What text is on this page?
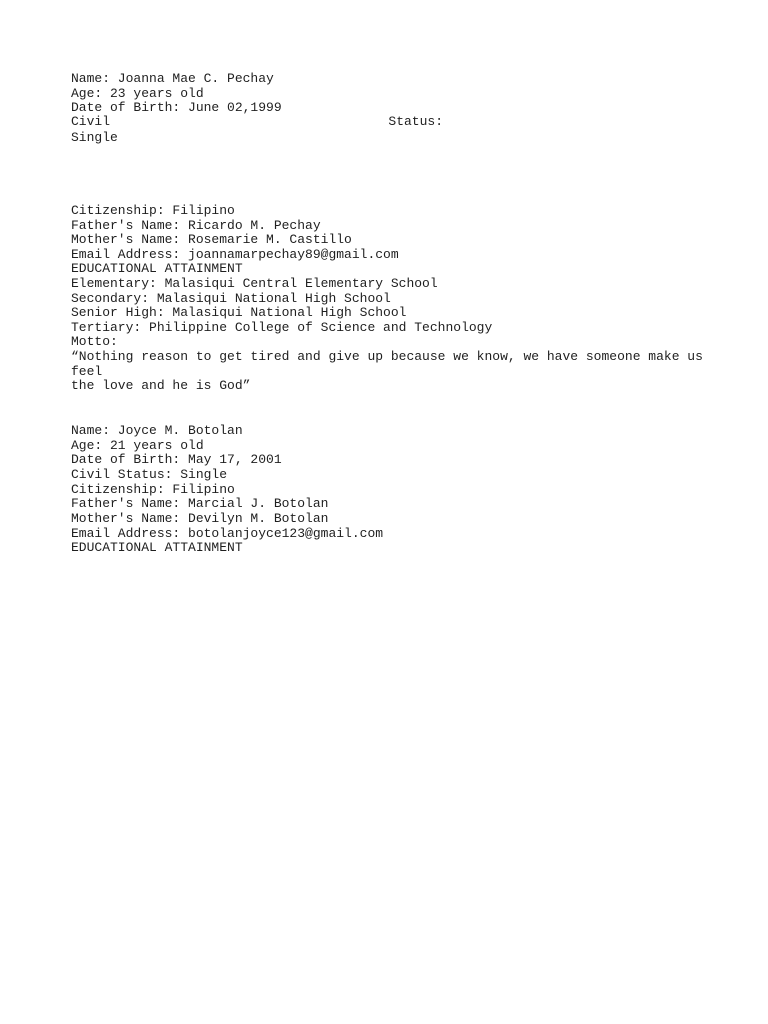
Name: Joanna Mae C. Pechay
Age: 23 years old
Date of Birth: June 02,1999
Civil	Status:
Single
Citizenship: Filipino
Father's Name: Ricardo M. Pechay
Mother's Name: Rosemarie M. Castillo
Email Address: joannamarpechay89@gmail.com
EDUCATIONAL ATTAINMENT
Elementary: Malasiqui Central Elementary School
Secondary: Malasiqui National High School
Senior High: Malasiqui National High School
Tertiary: Philippine College of Science and Technology
Motto:
“Nothing reason to get tired and give up because we know, we have someone make us
feel
the love and he is God”
Name: Joyce M. Botolan
Age: 21 years old
Date of Birth: May 17, 2001
Civil Status: Single
Citizenship: Filipino
Father's Name: Marcial J. Botolan
Mother's Name: Devilyn M. Botolan
Email Address: botolanjoyce123@gmail.com
EDUCATIONAL ATTAINMENT
